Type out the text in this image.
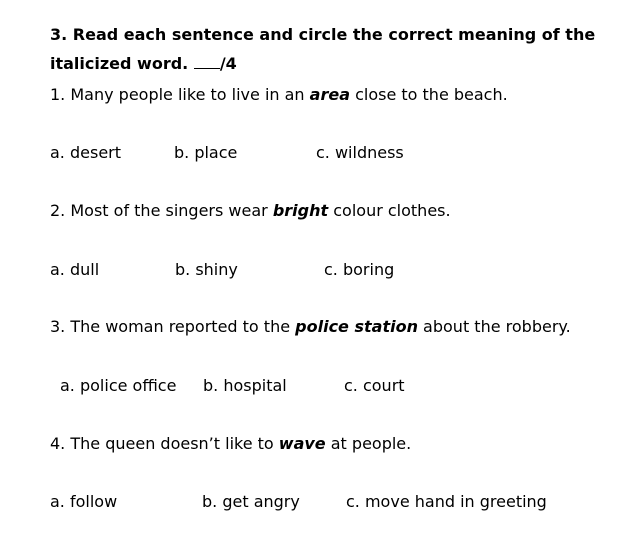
3. Read each sentence and circle the correct meaning of the
italicized word. /4
1. Many people like to live in an area close to the beach.
a. desert	b. place	c. wildness
2. Most of the singers wear bright colour clothes.
a. dull	b. shiny	c. boring
3. The woman reported to the police station about the robbery.
a. police office b. hospital	c. court
4. The queen doesn’t like to wave at people.
a. follow	b. get angry	c. move hand in greeting
